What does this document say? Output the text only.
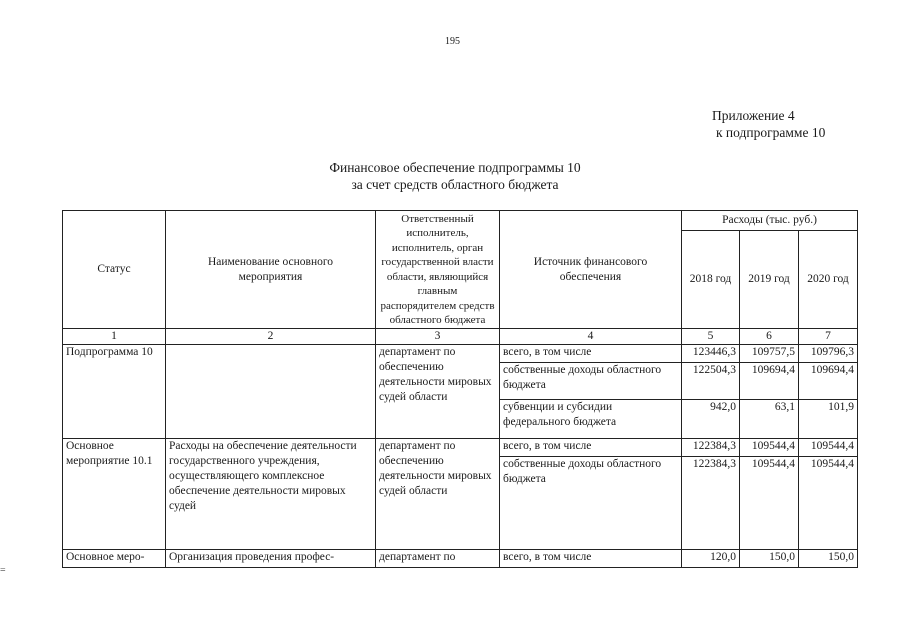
195
Приложение 4
к подпрограмме 10
Финансовое обеспечение подпрограммы 10
за счет средств областного бюджета
=
Статус	Наименование основного мероприятия	Ответственный исполнитель, исполнитель, орган государственной власти области, являющийся главным распорядителем средств областного бюджета	Источник финансового обеспечения	Расходы (тыс. руб.)		
				2018 год	2019 год	2020 год
1	2	3	4	5	6	7
Подпрограмма 10		департамент по обеспечению деятельности мировых судей области	всего, в том числе	123446,3	109757,5	109796,3
			собственные доходы областного бюджета	122504,3	109694,4	109694,4
			субвенции и субсидии федерального бюджета	942,0	63,1	101,9
Основное мероприятие 10.1	Расходы на обеспечение деятельности государственного учреждения, осуществляющего комплексное обеспечение деятельности мировых судей	департамент по обеспечению деятельности мировых судей области	всего, в том числе	122384,3	109544,4	109544,4
			собственные доходы областного бюджета	122384,3	109544,4	109544,4
Основное меро-	Организация проведения профес-	департамент по	всего, в том числе	120,0	150,0	150,0
